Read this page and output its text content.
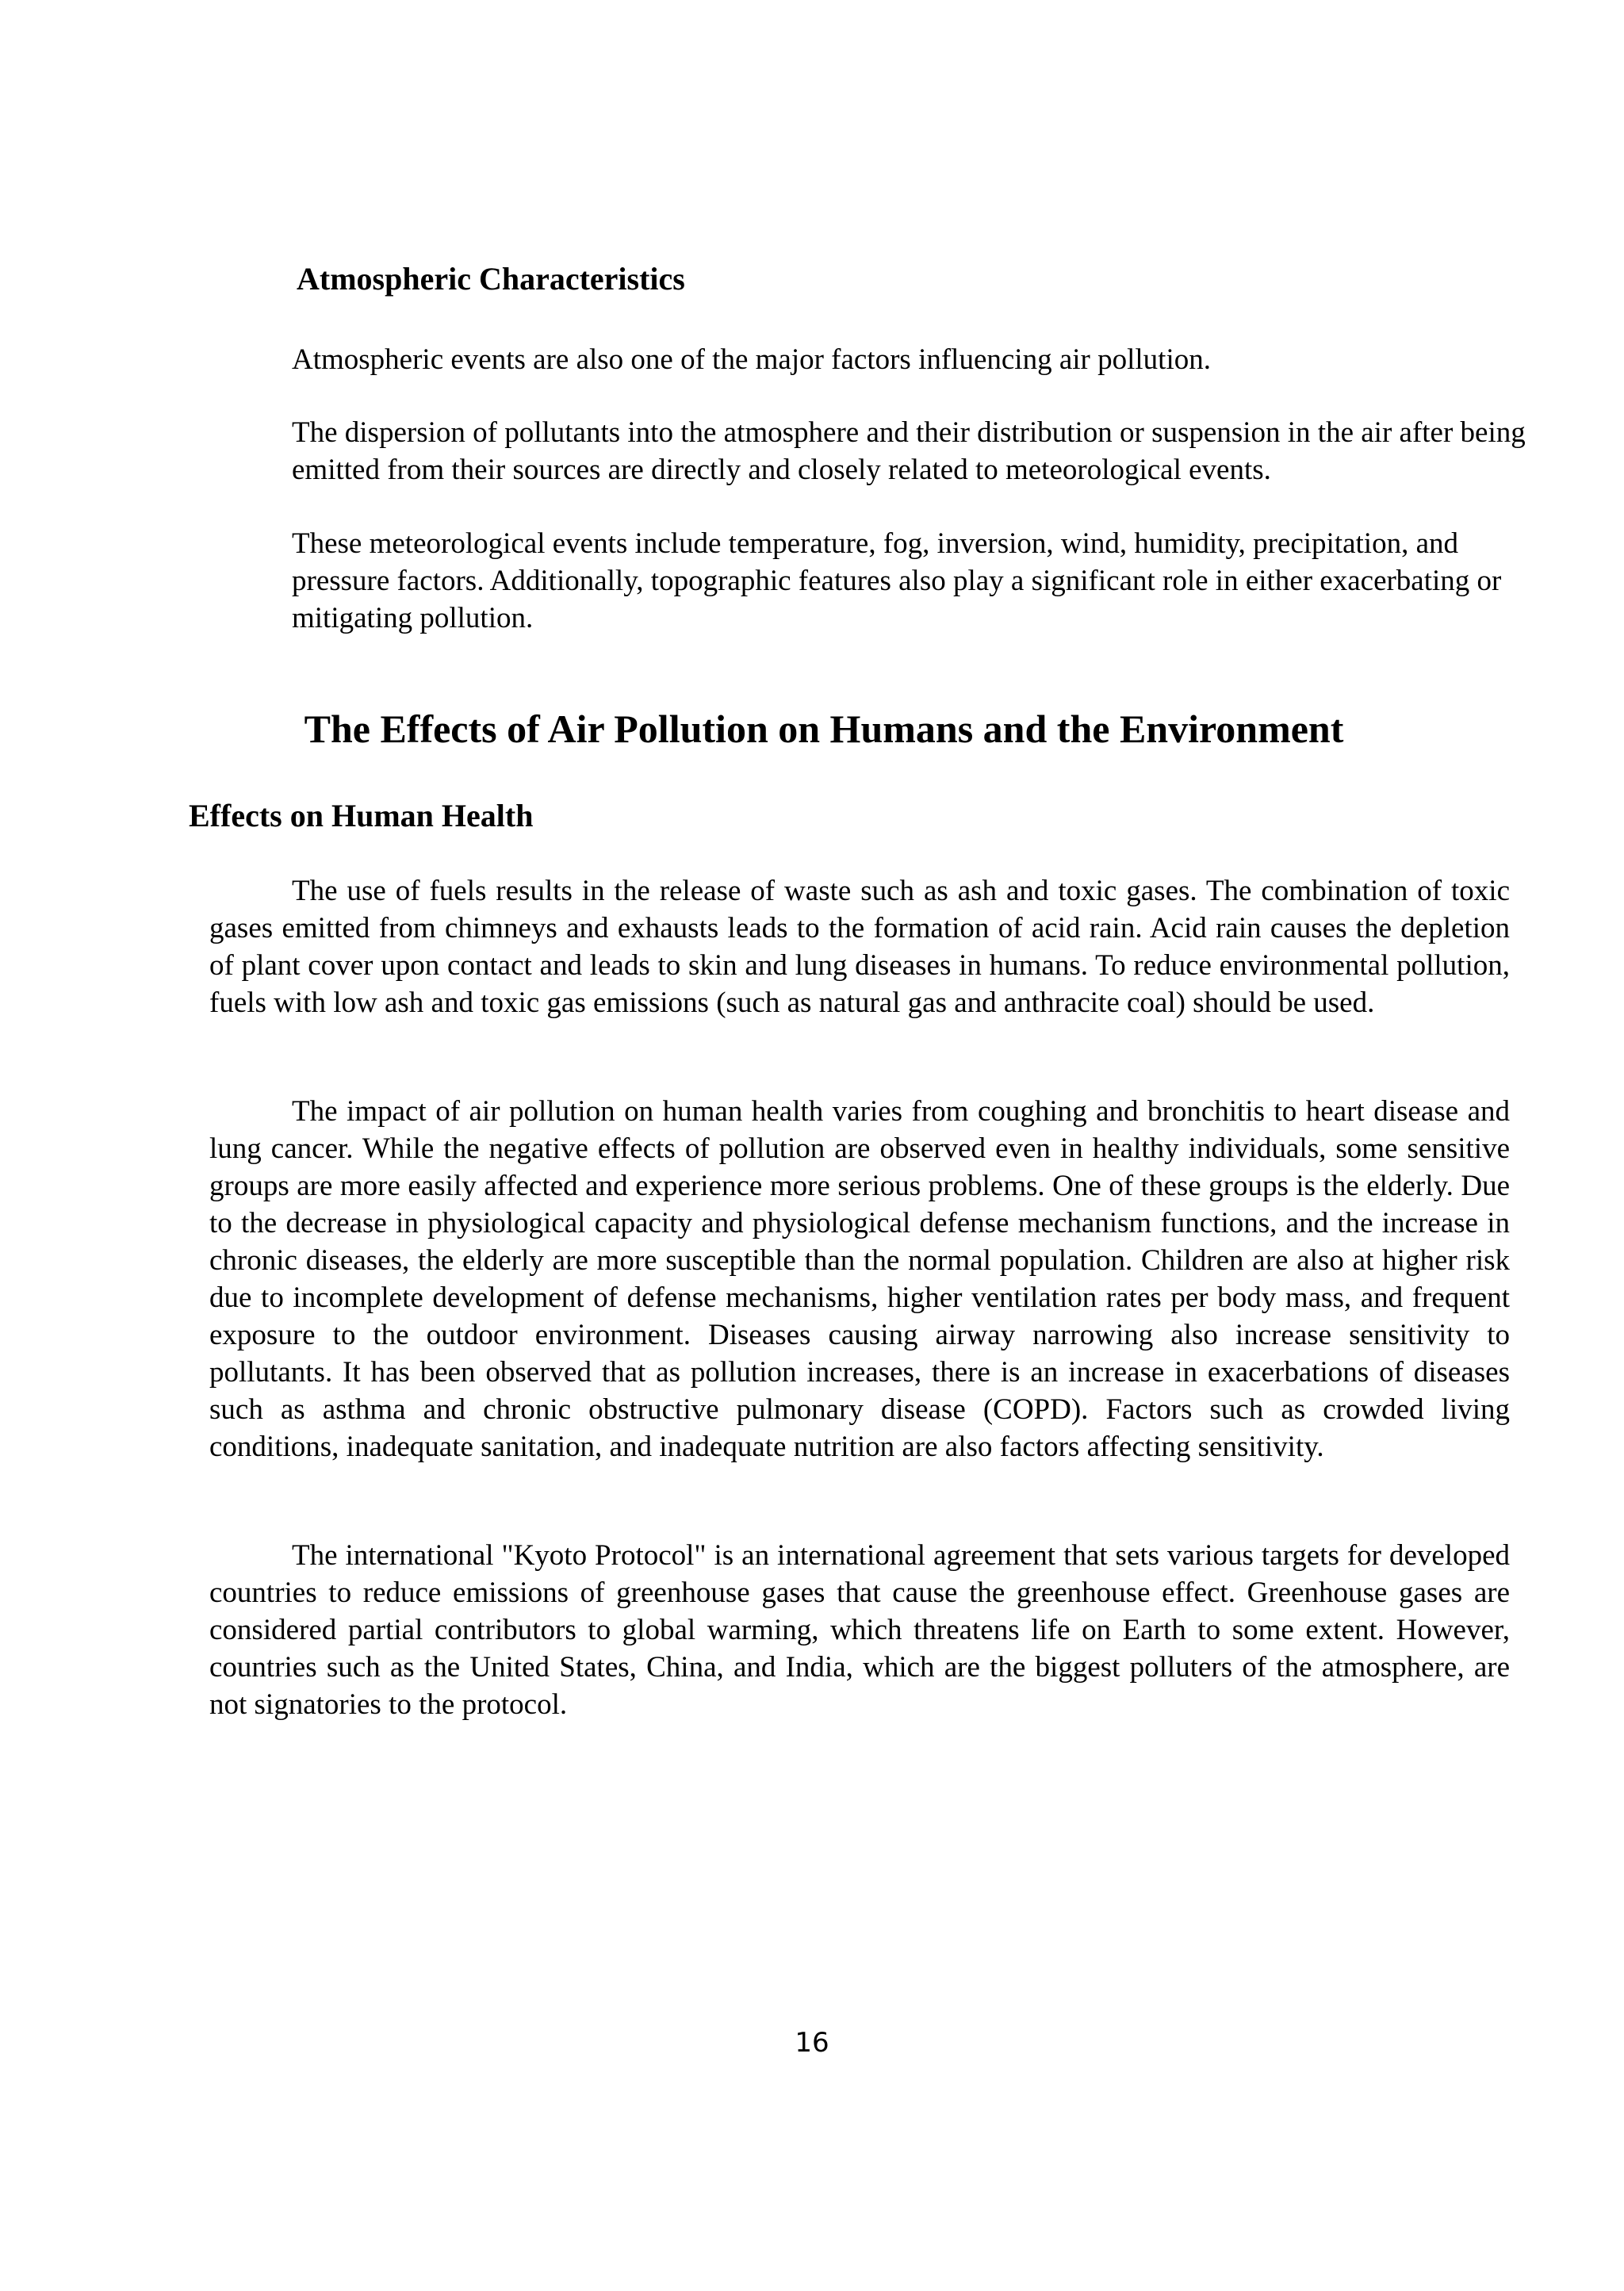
Atmospheric Characteristics

Atmospheric events are also one of the major factors influencing air pollution.

The dispersion of pollutants into the atmosphere and their distribution or suspension in the air after being emitted from their sources are directly and closely related to meteorological events.

These meteorological events include temperature, fog, inversion, wind, humidity, precipitation, and pressure factors. Additionally, topographic features also play a significant role in either exacerbating or mitigating pollution.

The Effects of Air Pollution on Humans and the Environment
Effects on Human Health

The use of fuels results in the release of waste such as ash and toxic gases. The combination of toxic gases emitted from chimneys and exhausts leads to the formation of acid rain. Acid rain causes the depletion of plant cover upon contact and leads to skin and lung diseases in humans. To reduce environmental pollution, fuels with low ash and toxic gas emissions (such as natural gas and anthracite coal) should be used.

The impact of air pollution on human health varies from coughing and bronchitis to heart disease and lung cancer. While the negative effects of pollution are observed even in healthy individuals, some sensitive groups are more easily affected and experience more serious problems. One of these groups is the elderly. Due to the decrease in physiological capacity and physiological defense mechanism functions, and the increase in chronic diseases, the elderly are more susceptible than the normal population. Children are also at higher risk due to incomplete development of defense mechanisms, higher ventilation rates per body mass, and frequent exposure to the outdoor environment. Diseases causing airway narrowing also increase sensitivity to pollutants. It has been observed that as pollution increases, there is an increase in exacerbations of diseases such as asthma and chronic obstructive pulmonary disease (COPD). Factors such as crowded living conditions, inadequate sanitation, and inadequate nutrition are also factors affecting sensitivity.

The international "Kyoto Protocol" is an international agreement that sets various targets for developed countries to reduce emissions of greenhouse gases that cause the greenhouse effect. Greenhouse gases are considered partial contributors to global warming, which threatens life on Earth to some extent. However, countries such as the United States, China, and India, which are the biggest polluters of the atmosphere, are not signatories to the protocol.

16
